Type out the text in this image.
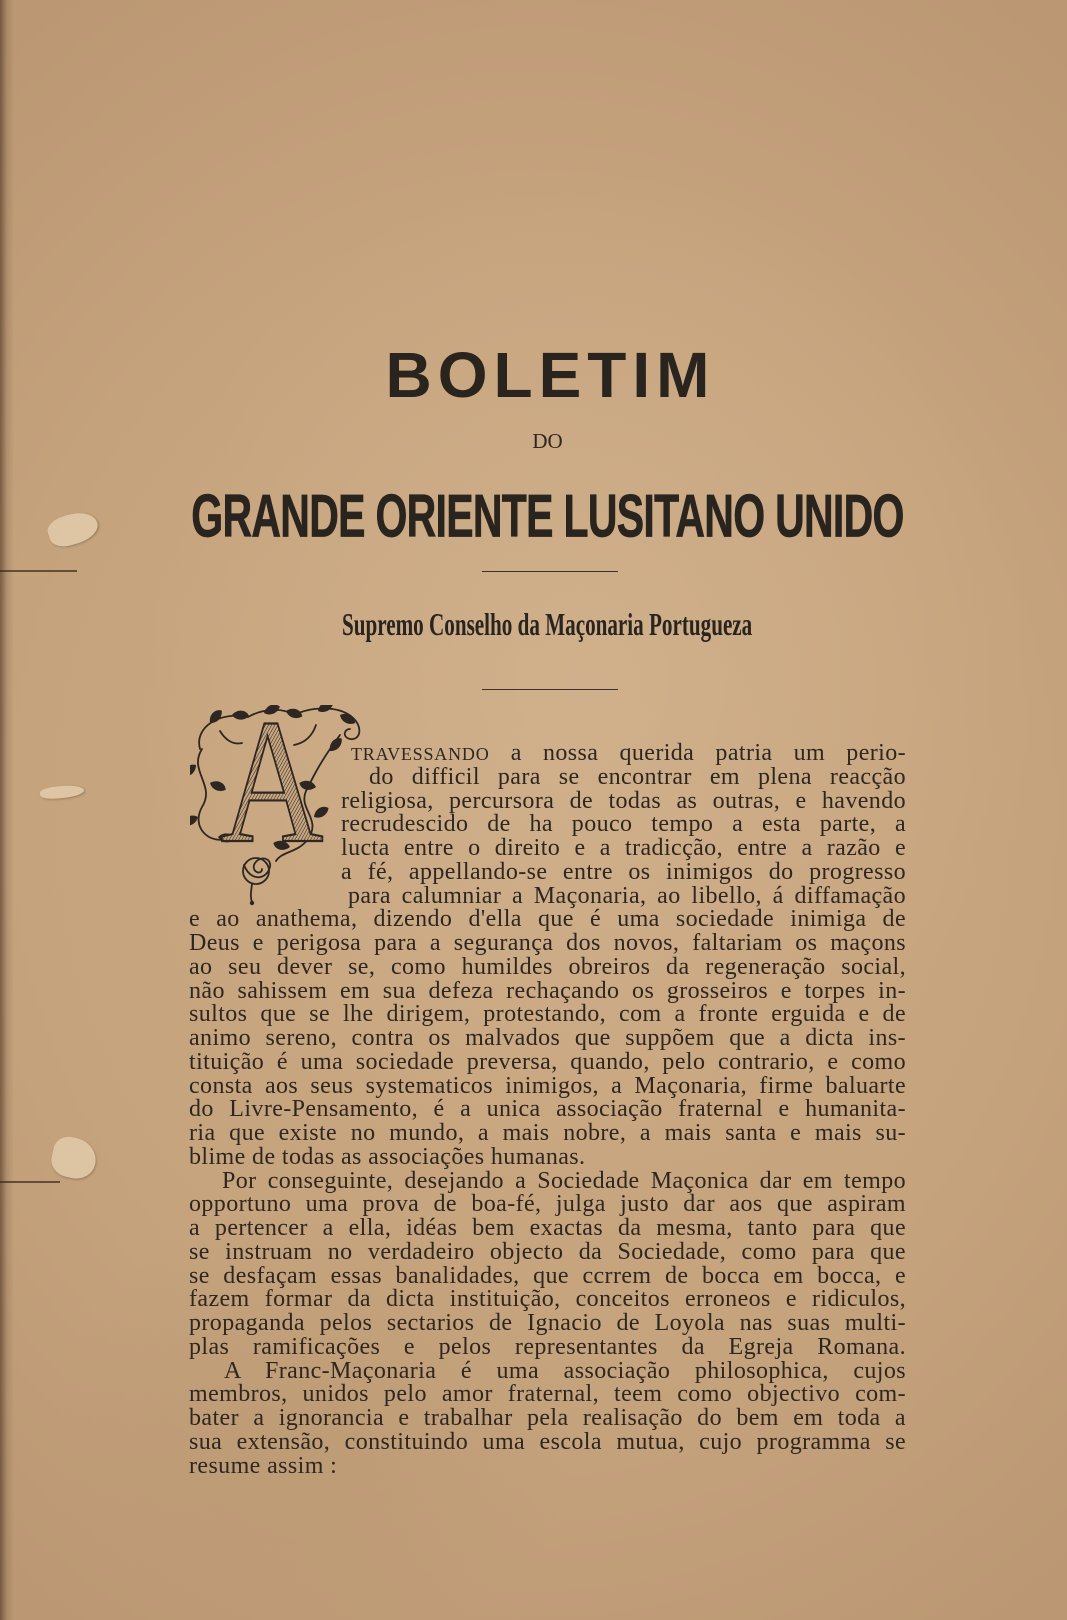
BOLETIM
DO
GRANDE ORIENTE LUSITANO UNIDO
Supremo Conselho da Maçonaria Portugueza
A	TRAVESSANDO a nossa querida patria um perio-
do difficil para se encontrar em plena reacção
religiosa, percursora de todas as outras, e havendo
recrudescido de ha pouco tempo a esta parte, a
lucta entre o direito e a tradicção, entre a razão e
a fé, appellando-se entre os inimigos do progresso
para calumniar a Maçonaria, ao libello, á diffamação
e ao anathema, dizendo d'ella que é uma sociedade inimiga de
Deus e perigosa para a segurança dos novos, faltariam os maçons
ao seu dever se, como humildes obreiros da regeneração social,
não sahissem em sua defeza rechaçando os grosseiros e torpes in-
sultos que se lhe dirigem, protestando, com a fronte erguida e de
animo sereno, contra os malvados que suppõem que a dicta ins-
tituição é uma sociedade preversa, quando, pelo contrario, e como
consta aos seus systematicos inimigos, a Maçonaria, firme baluarte
do Livre-Pensamento, é a unica associação fraternal e humanita-
ria que existe no mundo, a mais nobre, a mais santa e mais su-
blime de todas as associações humanas.
Por conseguinte, desejando a Sociedade Maçonica dar em tempo
opportuno uma prova de boa-fé, julga justo dar aos que aspiram
a pertencer a ella, idéas bem exactas da mesma, tanto para que
se instruam no verdadeiro objecto da Sociedade, como para que
se desfaçam essas banalidades, que ccrrem de bocca em bocca, e
fazem formar da dicta instituição, conceitos erroneos e ridiculos,
propaganda pelos sectarios de Ignacio de Loyola nas suas multi-
plas ramificações e pelos representantes da Egreja Romana.
A Franc-Maçonaria é uma associação philosophica, cujos
membros, unidos pelo amor fraternal, teem como objectivo com-
bater a ignorancia e trabalhar pela realisação do bem em toda a
sua extensão, constituindo uma escola mutua, cujo programma se
resume assim :
